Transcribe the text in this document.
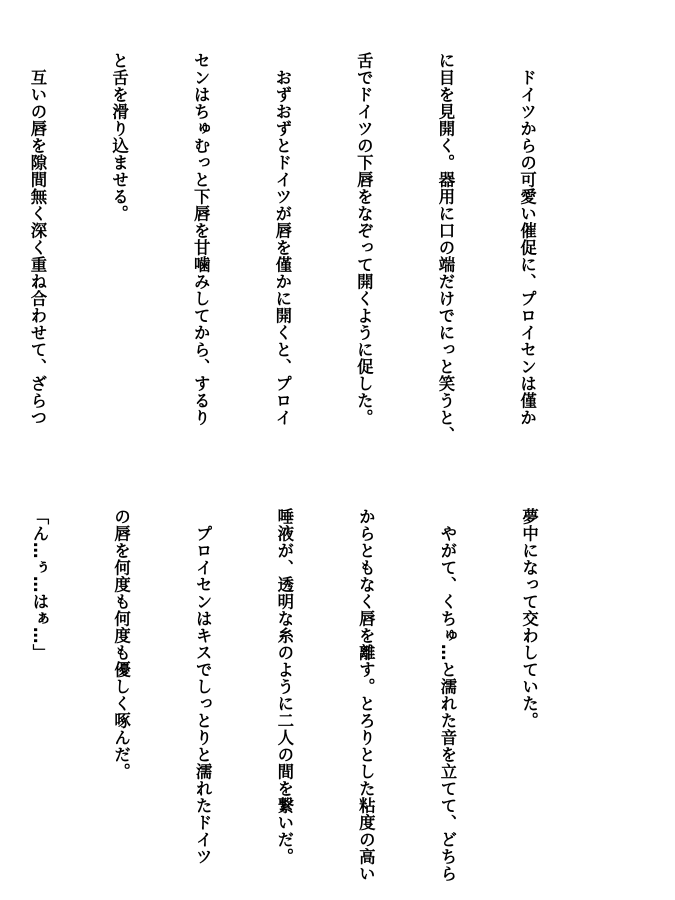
　ドイツからの可愛い催促に、プロイセンは僅か

に目を見開く。器用に口の端だけでにっと笑うと、

舌でドイツの下唇をなぞって開くように促した。

　おずおずとドイツが唇を僅かに開くと、プロイ

センはちゅむっと下唇を甘噛みしてから、するり

と舌を滑り込ませる。

　互いの唇を隙間無く深く重ね合わせて、ざらつ

夢中になって交わしていた。

　やがて、くちゅ…と濡れた音を立てて、どちら

からともなく唇を離す。とろりとした粘度の高い

唾液が、透明な糸のように二人の間を繋いだ。

　プロイセンはキスでしっとりと濡れたドイツ

の唇を何度も何度も優しく啄んだ。

「ん…ぅ…はぁ…」
